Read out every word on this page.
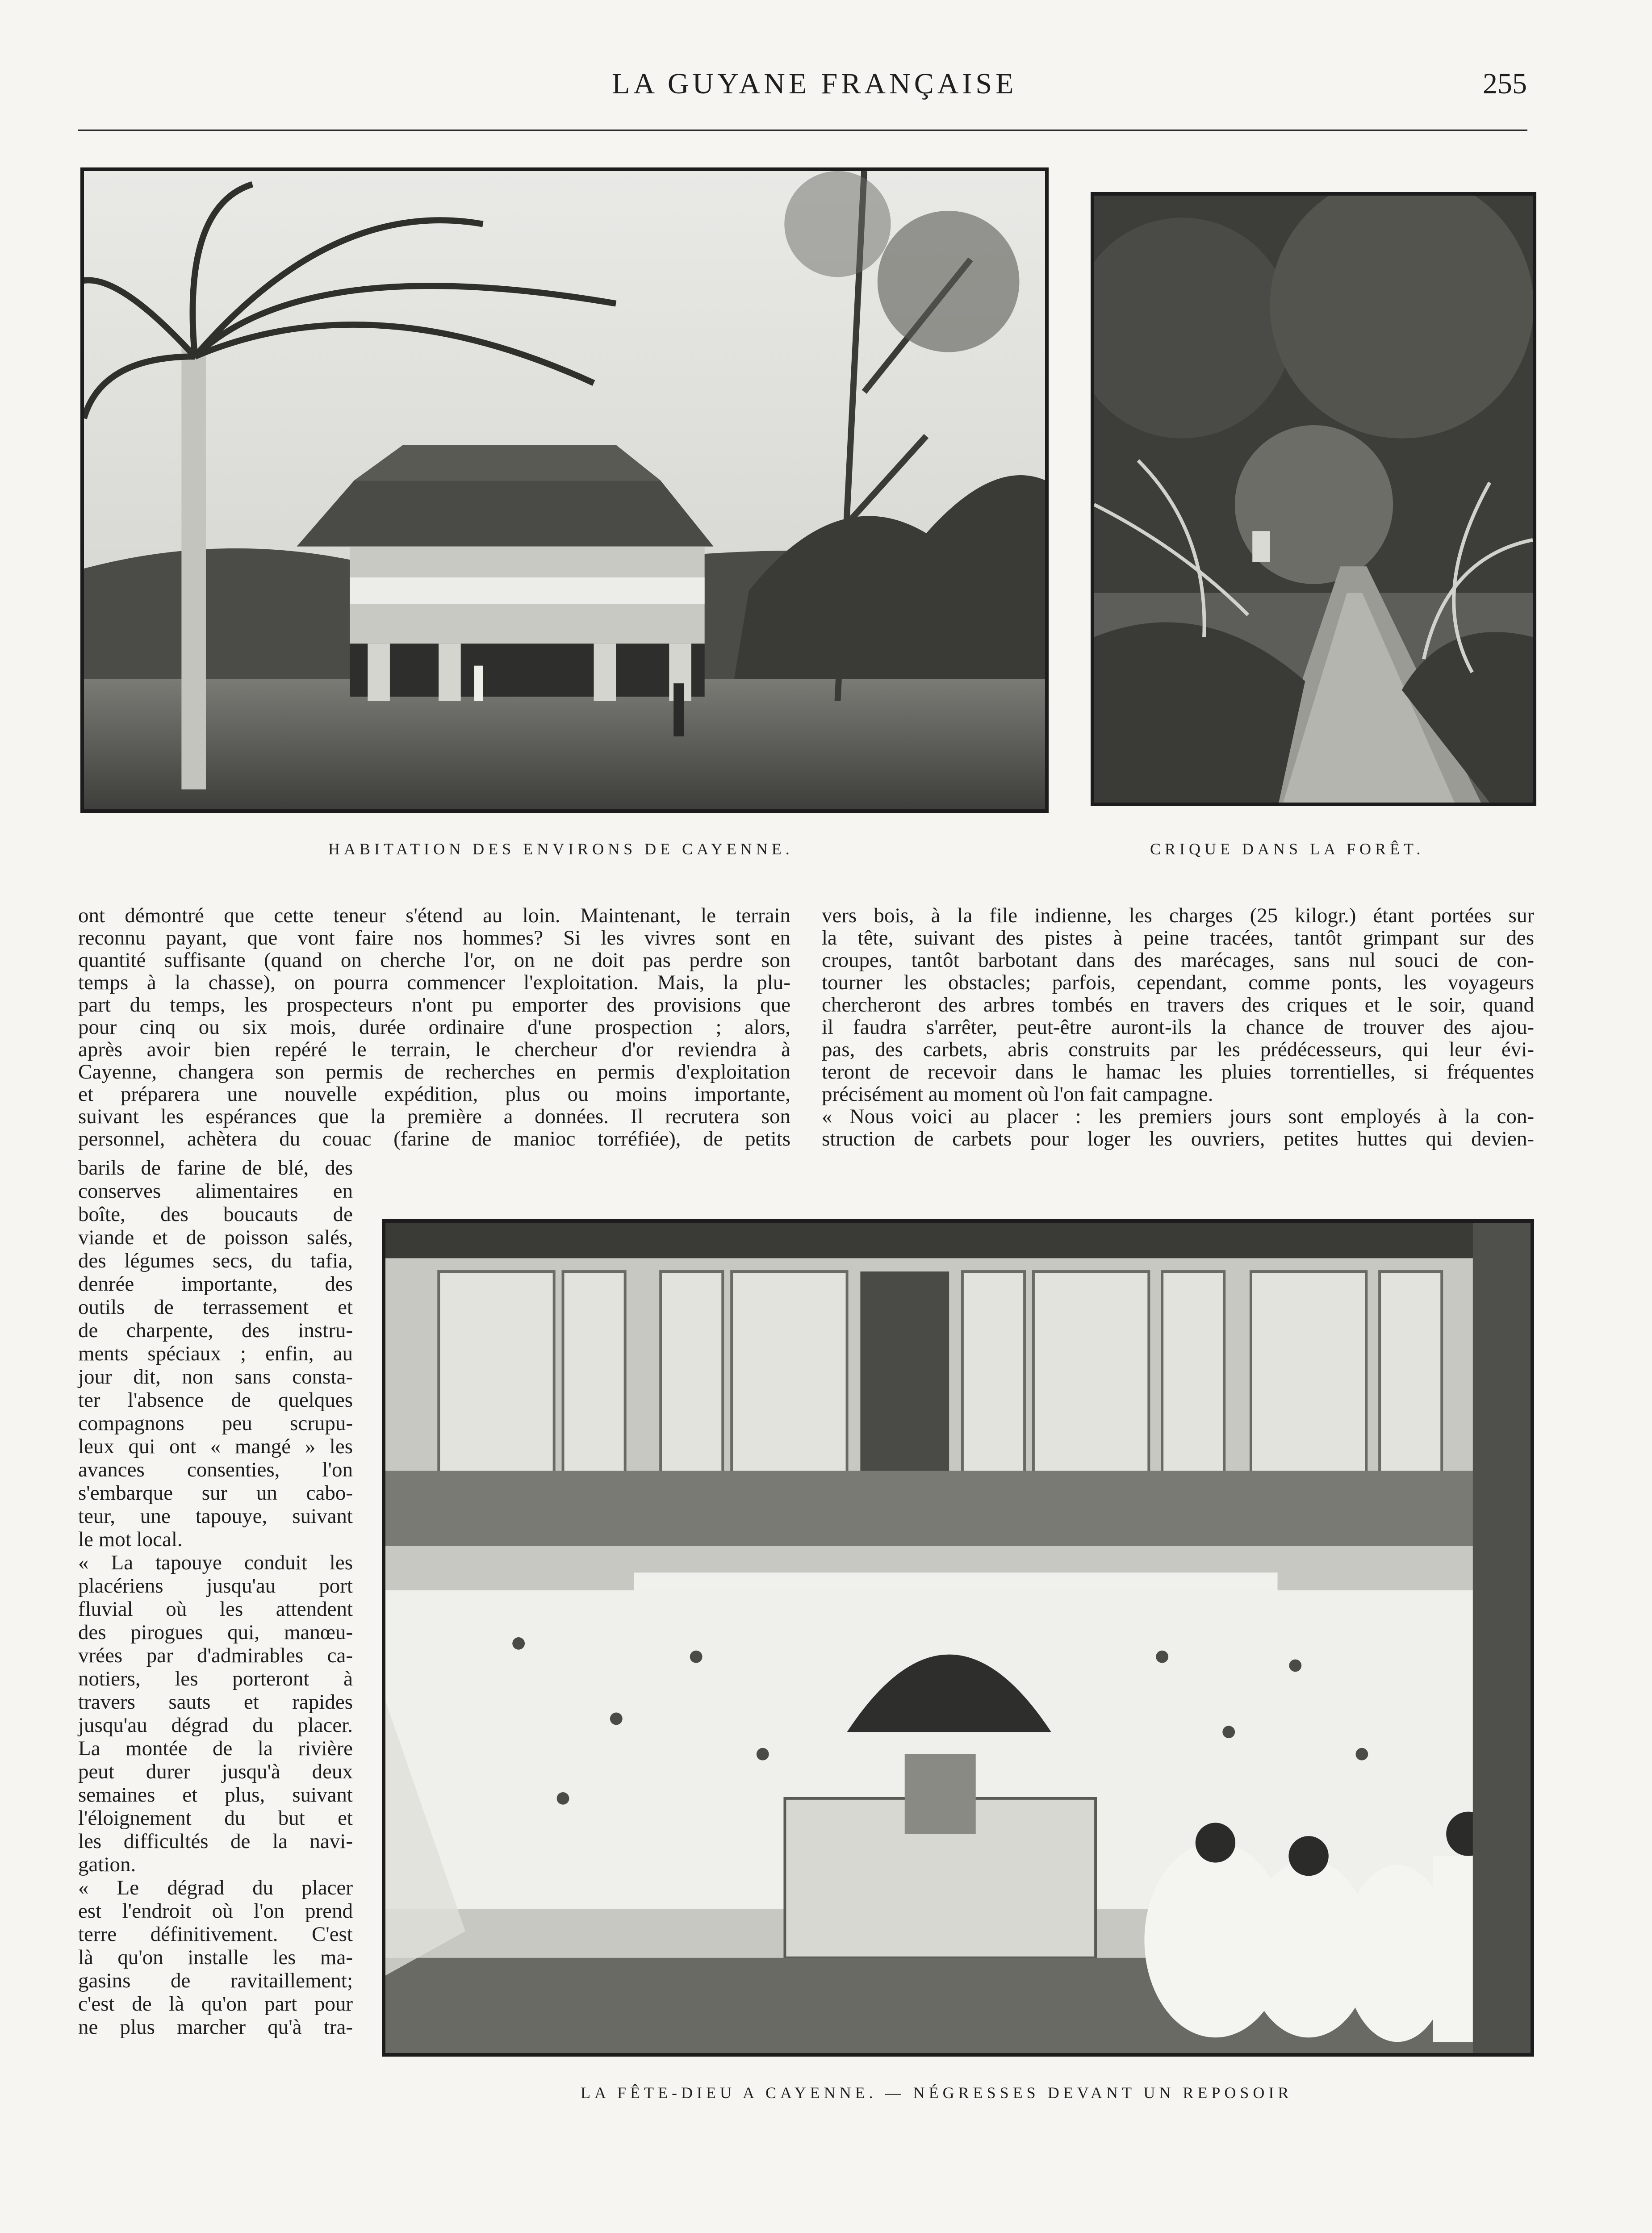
LA GUYANE FRANÇAISE	255
HABITATION DES ENVIRONS DE CAYENNE.	CRIQUE DANS LA FORÊT.
ont démontré que cette teneur s'étend au loin. Maintenant, le terrain
reconnu payant, que vont faire nos hommes? Si les vivres sont en
quantité suffisante (quand on cherche l'or, on ne doit pas perdre son
temps à la chasse), on pourra commencer l'exploitation. Mais, la plu-
part du temps, les prospecteurs n'ont pu emporter des provisions que
pour cinq ou six mois, durée ordinaire d'une prospection ; alors,
après avoir bien repéré le terrain, le chercheur d'or reviendra à
Cayenne, changera son permis de recherches en permis d'exploitation
et préparera une nouvelle expédition, plus ou moins importante,
suivant les espérances que la première a données. Il recrutera son
personnel, achètera du couac (farine de manioc torréfiée), de petits
vers bois, à la file indienne, les charges (25 kilogr.) étant portées sur
la tête, suivant des pistes à peine tracées, tantôt grimpant sur des
croupes, tantôt barbotant dans des marécages, sans nul souci de con-
tourner les obstacles; parfois, cependant, comme ponts, les voyageurs
chercheront des arbres tombés en travers des criques et le soir, quand
il faudra s'arrêter, peut-être auront-ils la chance de trouver des ajou-
pas, des carbets, abris construits par les prédécesseurs, qui leur évi-
teront de recevoir dans le hamac les pluies torrentielles, si fréquentes
précisément au moment où l'on fait campagne.
« Nous voici au placer : les premiers jours sont employés à la con-
struction de carbets pour loger les ouvriers, petites huttes qui devien-
barils de farine de blé, des
conserves alimentaires en
boîte, des boucauts de
viande et de poisson salés,
des légumes secs, du tafia,
denrée importante, des
outils de terrassement et
de charpente, des instru-
ments spéciaux ; enfin, au
jour dit, non sans consta-
ter l'absence de quelques
compagnons peu scrupu-
leux qui ont « mangé » les
avances consenties, l'on
s'embarque sur un cabo-
teur, une tapouye, suivant
le mot local.
« La tapouye conduit les
placériens jusqu'au port
fluvial où les attendent
des pirogues qui, manœu-
vrées par d'admirables ca-
notiers, les porteront à
travers sauts et rapides
jusqu'au dégrad du placer.
La montée de la rivière
peut durer jusqu'à deux
semaines et plus, suivant
l'éloignement du but et
les difficultés de la navi-
gation.
« Le dégrad du placer
est l'endroit où l'on prend
terre définitivement. C'est
là qu'on installe les ma-
gasins de ravitaillement;
c'est de là qu'on part pour
ne plus marcher qu'à tra-
LA FÊTE-DIEU A CAYENNE. — NÉGRESSES DEVANT UN REPOSOIR
